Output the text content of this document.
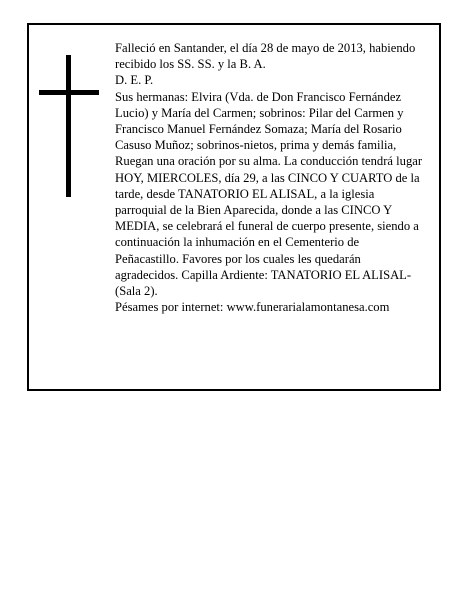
Falleció en Santander, el día 28 de mayo de 2013, habiendo recibido los SS. SS. y la B. A.

D. E. P.

Sus hermanas: Elvira (Vda. de Don Francisco Fernández Lucio) y María del Carmen; sobrinos: Pilar del Carmen y Francisco Manuel Fernández Somaza; María del Rosario Casuso Muñoz; sobrinos-nietos, prima y demás familia,

Ruegan una oración por su alma. La conducción tendrá lugar HOY, MIERCOLES, día 29, a las CINCO Y CUARTO de la tarde, desde TANATORIO EL ALISAL, a la iglesia parroquial de la Bien Aparecida, donde a las CINCO Y MEDIA, se celebrará el funeral de cuerpo presente, siendo a continuación la inhumación en el Cementerio de Peñacastillo. Favores por los cuales les quedarán agradecidos. Capilla Ardiente: TANATORIO EL ALISAL-(Sala 2).

Pésames por internet: www.funerarialamontanesa.com
